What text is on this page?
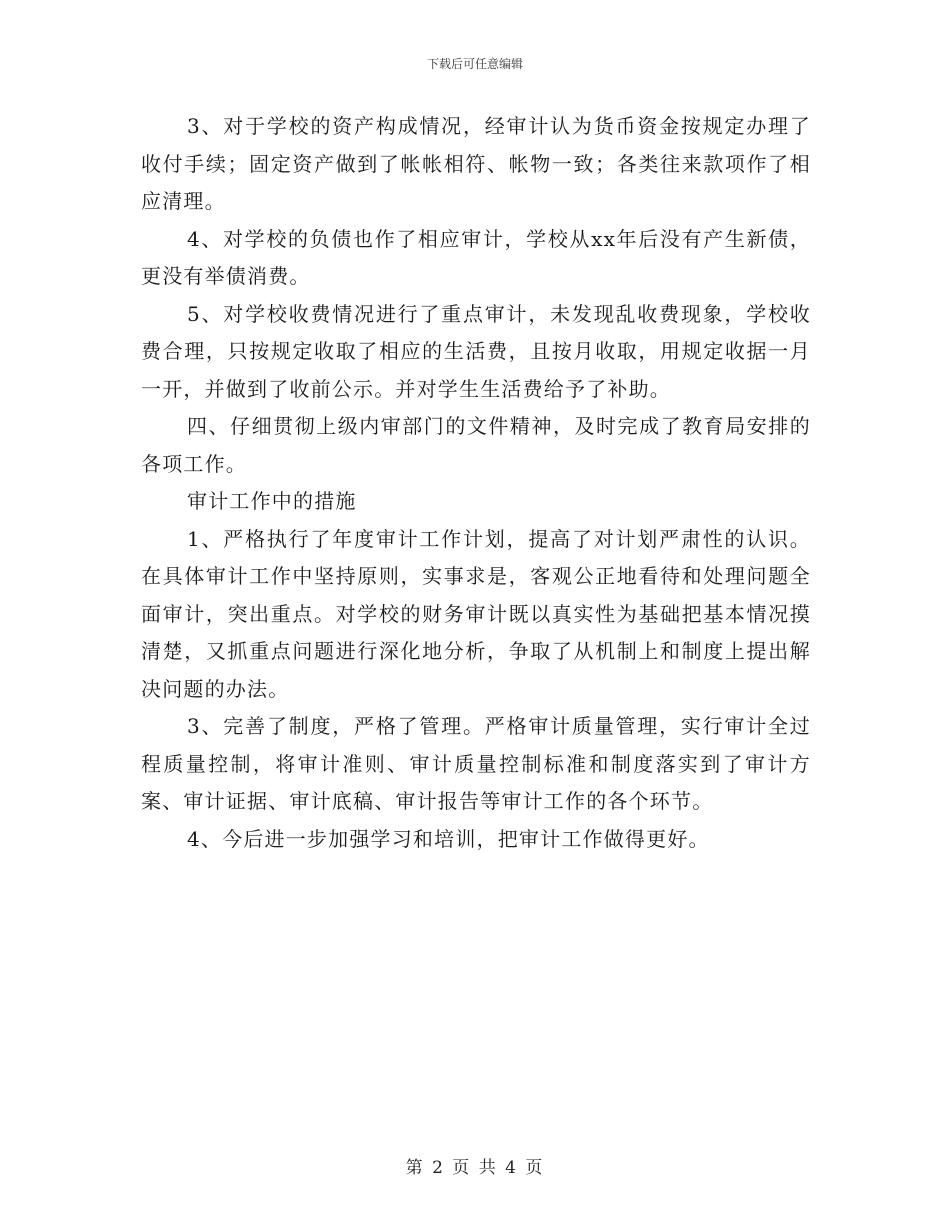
下载后可任意编辑

3、对于学校的资产构成情况，经审计认为货币资金按规定办理了收付手续；固定资产做到了帐帐相符、帐物一致；各类往来款项作了相应清理。

4、对学校的负债也作了相应审计，学校从xx年后没有产生新债，更没有举债消费。

5、对学校收费情况进行了重点审计，未发现乱收费现象，学校收费合理，只按规定收取了相应的生活费，且按月收取，用规定收据一月一开，并做到了收前公示。并对学生生活费给予了补助。

四、仔细贯彻上级内审部门的文件精神，及时完成了教育局安排的各项工作。

审计工作中的措施

1、严格执行了年度审计工作计划，提高了对计划严肃性的认识。在具体审计工作中坚持原则，实事求是，客观公正地看待和处理问题全面审计，突出重点。对学校的财务审计既以真实性为基础把基本情况摸清楚，又抓重点问题进行深化地分析，争取了从机制上和制度上提出解决问题的办法。

3、完善了制度，严格了管理。严格审计质量管理，实行审计全过程质量控制，将审计准则、审计质量控制标准和制度落实到了审计方案、审计证据、审计底稿、审计报告等审计工作的各个环节。

4、今后进一步加强学习和培训，把审计工作做得更好。

第 2 页 共 4 页
